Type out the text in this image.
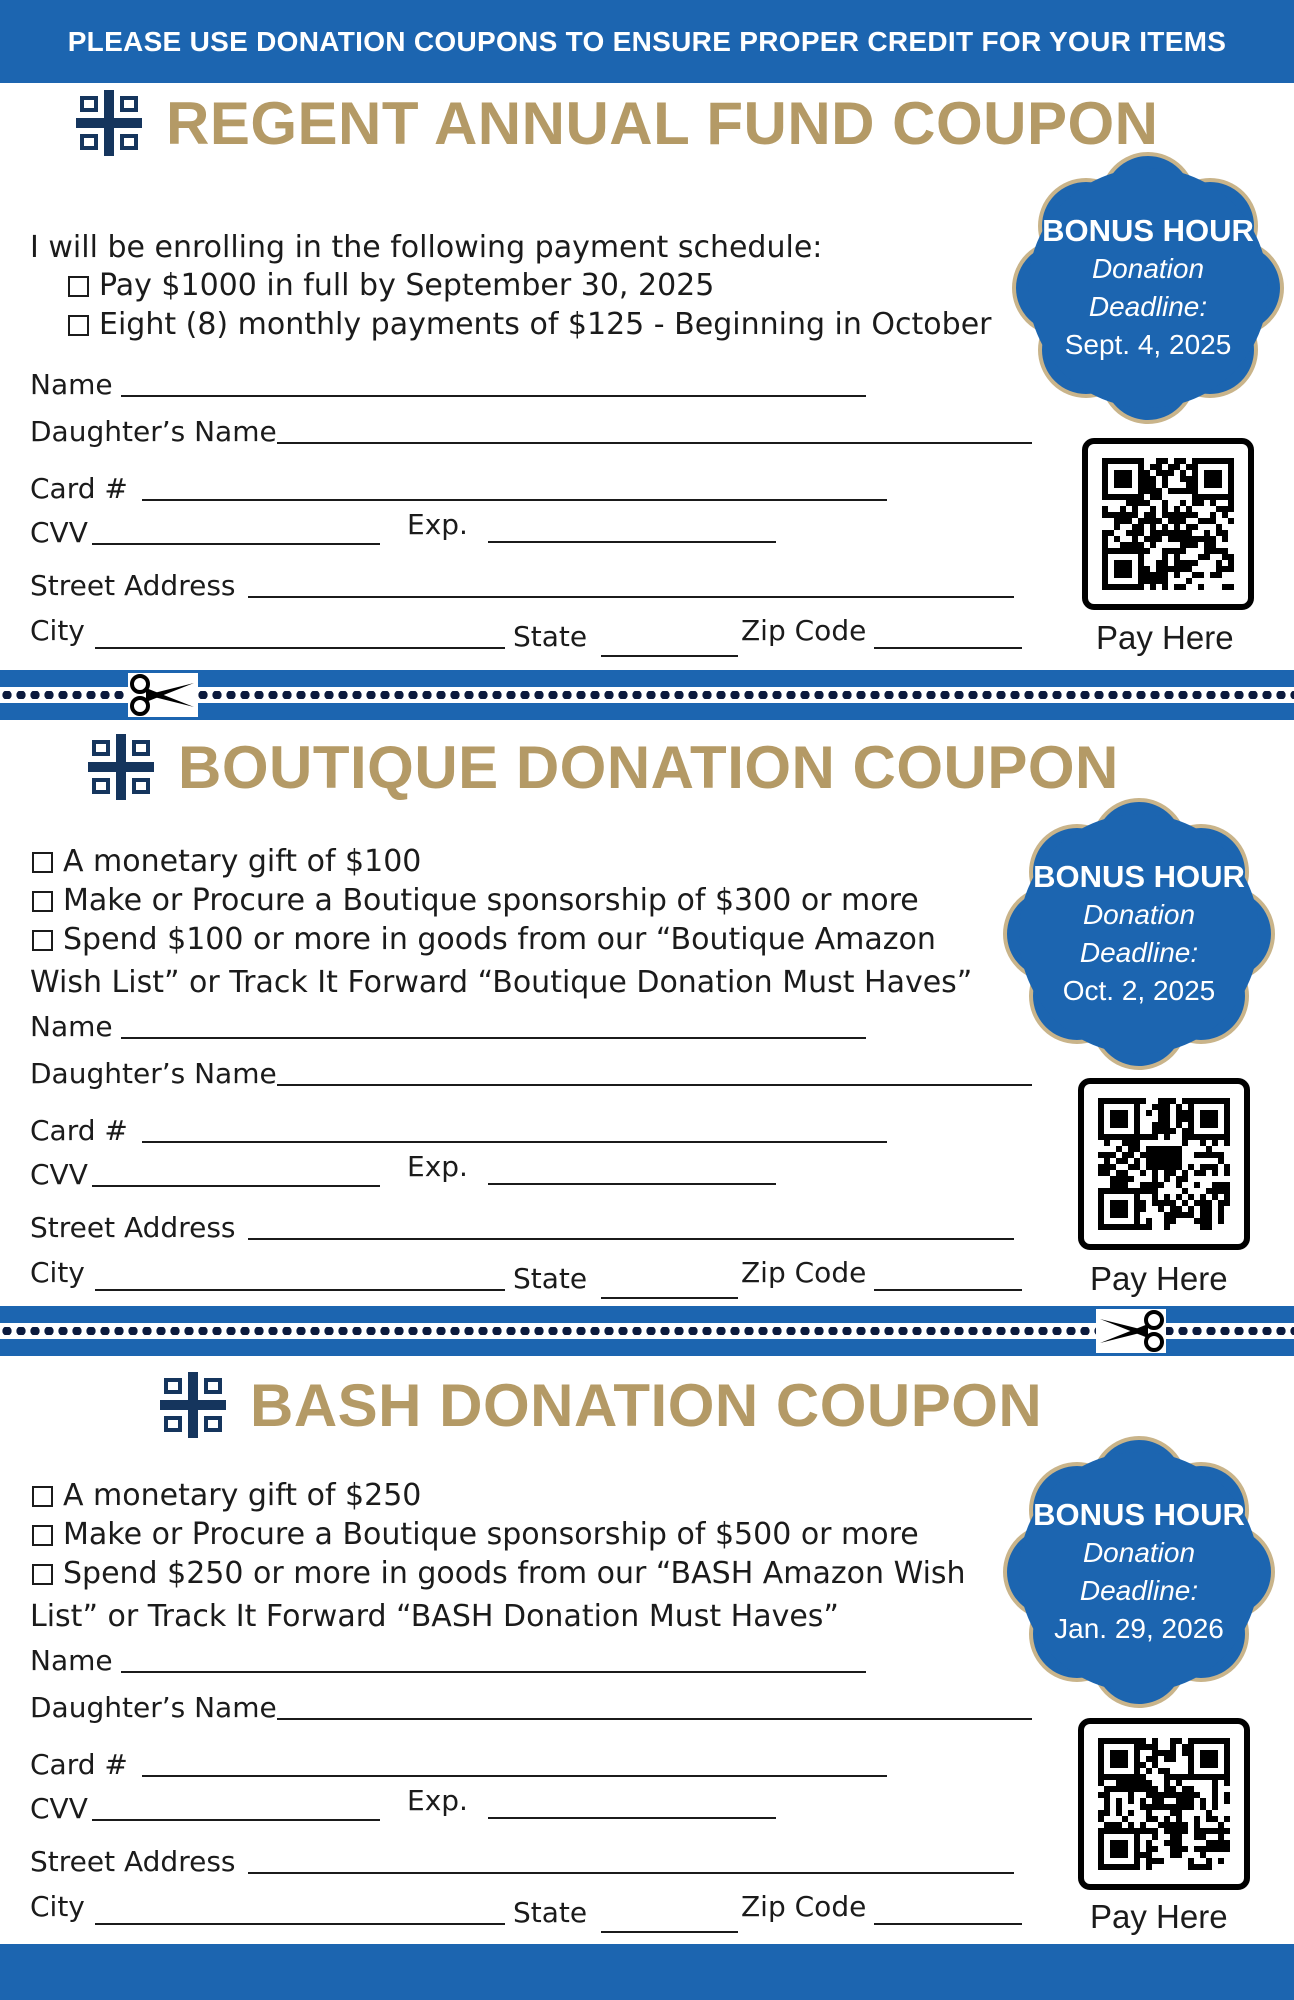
PLEASE USE DONATION COUPONS TO ENSURE PROPER CREDIT FOR YOUR ITEMS
REGENT ANNUAL FUND COUPON
I will be enrolling in the following payment schedule:
Pay $1000 in full by September 30, 2025
Eight (8) monthly payments of $125 - Beginning in October
Name
Daughter’s Name
Card #
CVV	Exp.
Street Address
City	State	Zip Code
BONUS HOUR
Donation
Deadline:
Sept. 4, 2025
Pay Here
BOUTIQUE DONATION COUPON
A monetary gift of $100
Make or Procure a Boutique sponsorship of $300 or more
Spend $100 or more in goods from our “Boutique Amazon
Wish List” or Track It Forward “Boutique Donation Must Haves”
Name
Daughter’s Name
Card #
CVV	Exp.
Street Address
City	State	Zip Code
BONUS HOUR
Donation
Deadline:
Oct. 2, 2025
Pay Here
BASH DONATION COUPON
A monetary gift of $250
Make or Procure a Boutique sponsorship of $500 or more
Spend $250 or more in goods from our “BASH Amazon Wish
List” or Track It Forward “BASH Donation Must Haves”
Name
Daughter’s Name
Card #
CVV	Exp.
Street Address
City	State	Zip Code
BONUS HOUR
Donation
Deadline:
Jan. 29, 2026
Pay Here
